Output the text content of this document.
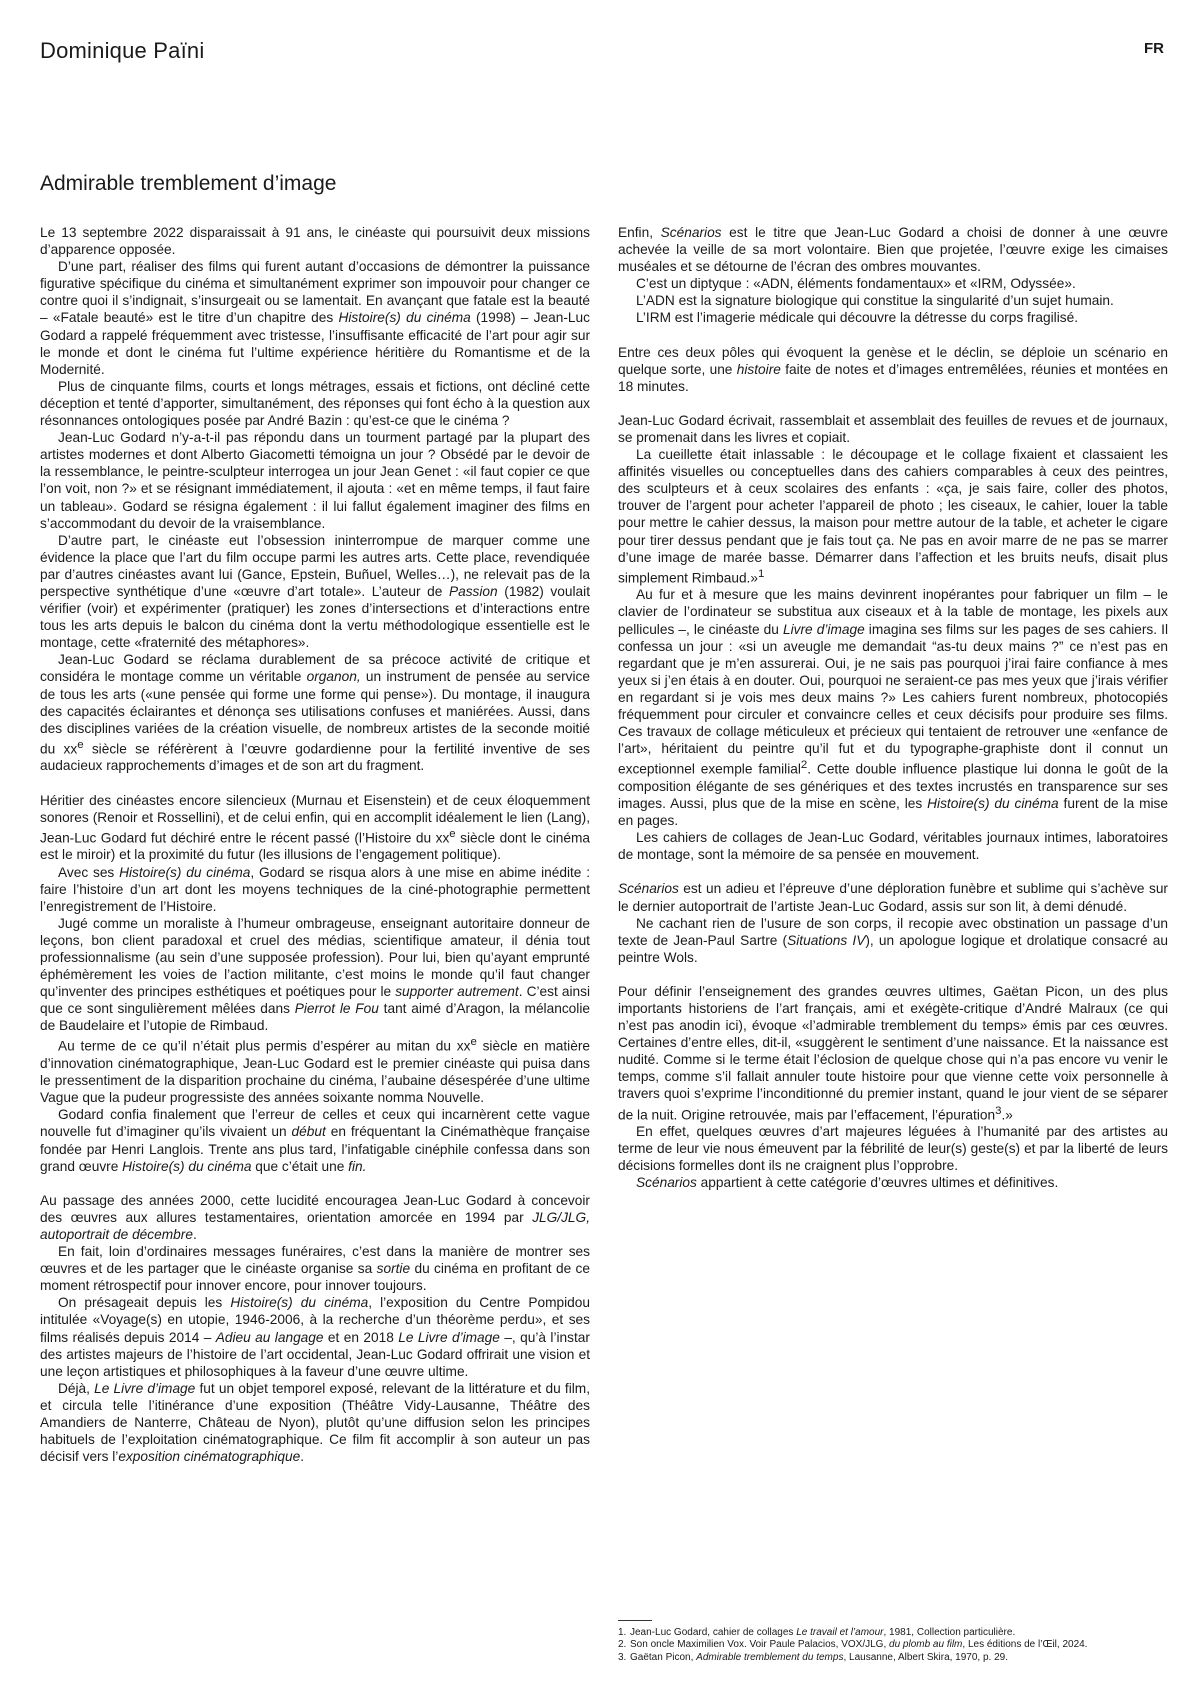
Dominique Païni	FR
Admirable tremblement d’image

Le 13 septembre 2022 disparaissait à 91 ans, le cinéaste qui poursuivit deux missions d’apparence opposée.

D’une part, réaliser des films qui furent autant d’occasions de démontrer la puissance figurative spécifique du cinéma et simultanément exprimer son impouvoir pour changer ce contre quoi il s’indignait, s’insurgeait ou se lamentait. En avançant que fatale est la beauté – «Fatale beauté» est le titre d’un chapitre des Histoire(s) du cinéma (1998) – Jean-Luc Godard a rappelé fréquemment avec tristesse, l’insuffisante efficacité de l’art pour agir sur le monde et dont le cinéma fut l’ultime expérience héritière du Romantisme et de la Modernité.

Plus de cinquante films, courts et longs métrages, essais et fictions, ont décliné cette déception et tenté d’apporter, simultanément, des réponses qui font écho à la question aux résonnances ontologiques posée par André Bazin : qu’est-ce que le cinéma ?

Jean-Luc Godard n’y-a-t-il pas répondu dans un tourment partagé par la plupart des artistes modernes et dont Alberto Giacometti témoigna un jour ? Obsédé par le devoir de la ressemblance, le peintre-sculpteur interrogea un jour Jean Genet : «il faut copier ce que l’on voit, non ?» et se résignant immédiatement, il ajouta : «et en même temps, il faut faire un tableau». Godard se résigna également : il lui fallut également imaginer des films en s’accommodant du devoir de la vraisemblance.

D’autre part, le cinéaste eut l’obsession ininterrompue de marquer comme une évidence la place que l’art du film occupe parmi les autres arts. Cette place, revendiquée par d’autres cinéastes avant lui (Gance, Epstein, Buñuel, Welles…), ne relevait pas de la perspective synthétique d’une «œuvre d’art totale». L’auteur de Passion (1982) voulait vérifier (voir) et expérimenter (pratiquer) les zones d’intersections et d’interactions entre tous les arts depuis le balcon du cinéma dont la vertu méthodologique essentielle est le montage, cette «fraternité des métaphores».

Jean-Luc Godard se réclama durablement de sa précoce activité de critique et considéra le montage comme un véritable organon, un instrument de pensée au service de tous les arts («une pensée qui forme une forme qui pense»). Du montage, il inaugura des capacités éclairantes et dénonça ses utilisations confuses et maniérées. Aussi, dans des disciplines variées de la création visuelle, de nombreux artistes de la seconde moitié du $xx^e$ siècle se référèrent à l’œuvre godardienne pour la fertilité inventive de ses audacieux rapprochements d’images et de son art du fragment.

Héritier des cinéastes encore silencieux (Murnau et Eisenstein) et de ceux éloquemment sonores (Renoir et Rossellini), et de celui enfin, qui en accomplit idéalement le lien (Lang), Jean-Luc Godard fut déchiré entre le récent passé (l’Histoire du $xx^e$ siècle dont le cinéma est le miroir) et la proximité du futur (les illusions de l’engagement politique).

Avec ses Histoire(s) du cinéma, Godard se risqua alors à une mise en abime inédite : faire l’histoire d’un art dont les moyens techniques de la ciné-photographie permettent l’enregistrement de l’Histoire.

Jugé comme un moraliste à l’humeur ombrageuse, enseignant autoritaire donneur de leçons, bon client paradoxal et cruel des médias, scientifique amateur, il dénia tout professionnalisme (au sein d’une supposée profession). Pour lui, bien qu’ayant emprunté éphémèrement les voies de l’action militante, c’est moins le monde qu’il faut changer qu’inventer des principes esthétiques et poétiques pour le supporter autrement. C’est ainsi que ce sont singulièrement mêlées dans Pierrot le Fou tant aimé d’Aragon, la mélancolie de Baudelaire et l’utopie de Rimbaud.

Au terme de ce qu’il n’était plus permis d’espérer au mitan du $xx^e$ siècle en matière d’innovation cinématographique, Jean-Luc Godard est le premier cinéaste qui puisa dans le pressentiment de la disparition prochaine du cinéma, l’aubaine désespérée d’une ultime Vague que la pudeur progressiste des années soixante nomma Nouvelle.

Godard confia finalement que l’erreur de celles et ceux qui incarnèrent cette vague nouvelle fut d’imaginer qu’ils vivaient un début en fréquentant la Cinémathèque française fondée par Henri Langlois. Trente ans plus tard, l’infatigable cinéphile confessa dans son grand œuvre Histoire(s) du cinéma que c’était une fin.

Au passage des années 2000, cette lucidité encouragea Jean-Luc Godard à concevoir des œuvres aux allures testamentaires, orientation amorcée en 1994 par JLG/JLG, autoportrait de décembre.

En fait, loin d’ordinaires messages funéraires, c’est dans la manière de montrer ses œuvres et de les partager que le cinéaste organise sa sortie du cinéma en profitant de ce moment rétrospectif pour innover encore, pour innover toujours.

On présageait depuis les Histoire(s) du cinéma, l’exposition du Centre Pompidou intitulée «Voyage(s) en utopie, 1946-2006, à la recherche d’un théorème perdu», et ses films réalisés depuis 2014 – Adieu au langage et en 2018 Le Livre d’image –, qu’à l’instar des artistes majeurs de l’histoire de l’art occidental, Jean-Luc Godard offrirait une vision et une leçon artistiques et philosophiques à la faveur d’une œuvre ultime.

Déjà, Le Livre d’image fut un objet temporel exposé, relevant de la littérature et du film, et circula telle l’itinérance d’une exposition (Théâtre Vidy-Lausanne, Théâtre des Amandiers de Nanterre, Château de Nyon), plutôt qu’une diffusion selon les principes habituels de l’exploitation cinématographique. Ce film fit accomplir à son auteur un pas décisif vers l’exposition cinématographique.

Enfin, Scénarios est le titre que Jean-Luc Godard a choisi de donner à une œuvre achevée la veille de sa mort volontaire. Bien que projetée, l’œuvre exige les cimaises muséales et se détourne de l’écran des ombres mouvantes.

C’est un diptyque : «ADN, éléments fondamentaux» et «IRM, Odyssée».

L’ADN est la signature biologique qui constitue la singularité d’un sujet humain.

L’IRM est l’imagerie médicale qui découvre la détresse du corps fragilisé.

Entre ces deux pôles qui évoquent la genèse et le déclin, se déploie un scénario en quelque sorte, une histoire faite de notes et d’images entremêlées, réunies et montées en 18 minutes.

Jean-Luc Godard écrivait, rassemblait et assemblait des feuilles de revues et de journaux, se promenait dans les livres et copiait.

La cueillette était inlassable : le découpage et le collage fixaient et classaient les affinités visuelles ou conceptuelles dans des cahiers comparables à ceux des peintres, des sculpteurs et à ceux scolaires des enfants : «ça, je sais faire, coller des photos, trouver de l’argent pour acheter l’appareil de photo ; les ciseaux, le cahier, louer la table pour mettre le cahier dessus, la maison pour mettre autour de la table, et acheter le cigare pour tirer dessus pendant que je fais tout ça. Ne pas en avoir marre de ne pas se marrer d’une image de marée basse. Démarrer dans l’affection et les bruits neufs, disait plus simplement Rimbaud.»$^1$

Au fur et à mesure que les mains devinrent inopérantes pour fabriquer un film – le clavier de l’ordinateur se substitua aux ciseaux et à la table de montage, les pixels aux pellicules –, le cinéaste du Livre d’image imagina ses films sur les pages de ses cahiers. Il confessa un jour : «si un aveugle me demandait “as-tu deux mains ?” ce n’est pas en regardant que je m’en assurerai. Oui, je ne sais pas pourquoi j’irai faire confiance à mes yeux si j’en étais à en douter. Oui, pourquoi ne seraient-ce pas mes yeux que j’irais vérifier en regardant si je vois mes deux mains ?» Les cahiers furent nombreux, photocopiés fréquemment pour circuler et convaincre celles et ceux décisifs pour produire ses films. Ces travaux de collage méticuleux et précieux qui tentaient de retrouver une «enfance de l’art», héritaient du peintre qu’il fut et du typographe-graphiste dont il connut un exceptionnel exemple familial$^2$. Cette double influence plastique lui donna le goût de la composition élégante de ses génériques et des textes incrustés en transparence sur ses images. Aussi, plus que de la mise en scène, les Histoire(s) du cinéma furent de la mise en pages.

Les cahiers de collages de Jean-Luc Godard, véritables journaux intimes, laboratoires de montage, sont la mémoire de sa pensée en mouvement.

Scénarios est un adieu et l’épreuve d’une déploration funèbre et sublime qui s’achève sur le dernier autoportrait de l’artiste Jean-Luc Godard, assis sur son lit, à demi dénudé.

Ne cachant rien de l’usure de son corps, il recopie avec obstination un passage d’un texte de Jean-Paul Sartre (Situations IV), un apologue logique et drolatique consacré au peintre Wols.

Pour définir l’enseignement des grandes œuvres ultimes, Gaëtan Picon, un des plus importants historiens de l’art français, ami et exégète-critique d’André Malraux (ce qui n’est pas anodin ici), évoque «l’admirable tremblement du temps» émis par ces œuvres. Certaines d’entre elles, dit-il, «suggèrent le sentiment d’une naissance. Et la naissance est nudité. Comme si le terme était l’éclosion de quelque chose qui n’a pas encore vu venir le temps, comme s’il fallait annuler toute histoire pour que vienne cette voix personnelle à travers quoi s’exprime l’inconditionné du premier instant, quand le jour vient de se séparer de la nuit. Origine retrouvée, mais par l’effacement, l’épuration$^3$.»

En effet, quelques œuvres d’art majeures léguées à l’humanité par des artistes au terme de leur vie nous émeuvent par la fébrilité de leur(s) geste(s) et par la liberté de leurs décisions formelles dont ils ne craignent plus l’opprobre.

Scénarios appartient à cette catégorie d’œuvres ultimes et définitives.

1. Jean-Luc Godard, cahier de collages Le travail et l’amour, 1981, Collection particulière.
2. Son oncle Maximilien Vox. Voir Paule Palacios, VOX/JLG, du plomb au film, Les éditions de l’Œil, 2024.
3. Gaëtan Picon, Admirable tremblement du temps, Lausanne, Albert Skira, 1970, p. 29.
